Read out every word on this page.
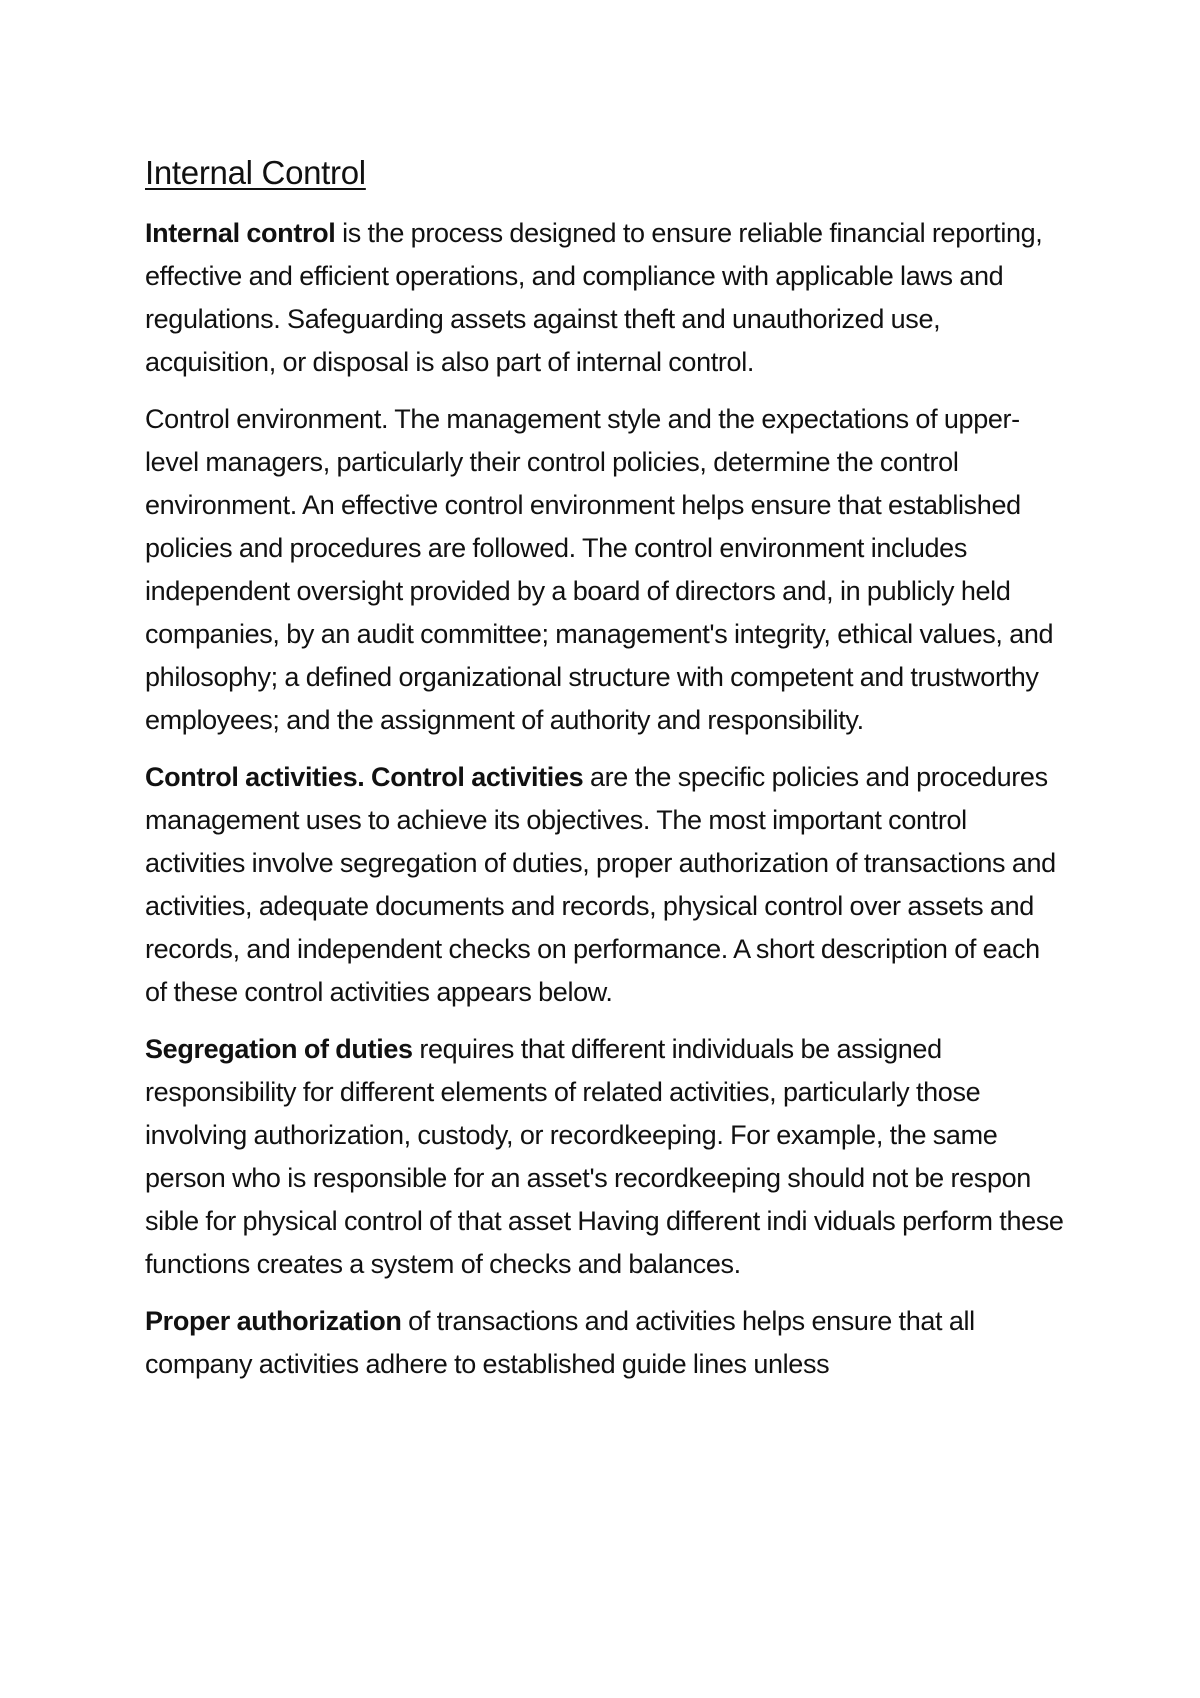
Internal Control

Internal control is the process designed to ensure reliable financial reporting, effective and efficient operations, and compliance with applicable laws and regulations. Safeguarding assets against theft and unauthorized use, acquisition, or disposal is also part of internal control.

Control environment. The management style and the expectations of upper-level managers, particularly their control policies, determine the control environment. An effective control environment helps ensure that established policies and procedures are followed. The control environment includes independent oversight provided by a board of directors and, in publicly held companies, by an audit committee; management's integrity, ethical values, and philosophy; a defined organizational structure with competent and trustworthy employees; and the assignment of authority and responsibility.

Control activities. Control activities are the specific policies and procedures management uses to achieve its objectives. The most important control activities involve segregation of duties, proper authorization of transactions and activities, adequate documents and records, physical control over assets and records, and independent checks on performance. A short description of each of these control activities appears below.

Segregation of duties requires that different individuals be assigned responsibility for different elements of related activities, particularly those involving authorization, custody, or recordkeeping. For example, the same person who is responsible for an asset's recordkeeping should not be respon sible for physical control of that asset Having different indi viduals perform these functions creates a system of checks and balances.

Proper authorization of transactions and activities helps ensure that all company activities adhere to established guide lines unless
